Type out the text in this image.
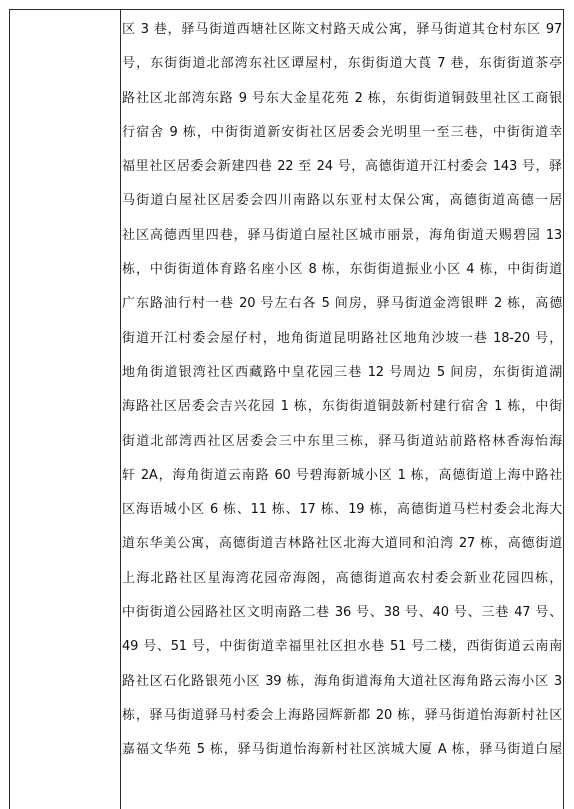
区 3 巷，驿马街道西塘社区陈文村路天成公寓，驿马街道其仓村东区 97
号，东街街道北部湾东社区谭屋村，东街街道大莨 7 巷，东街街道茶亭
路社区北部湾东路 9 号东大金星花苑 2 栋，东街街道铜鼓里社区工商银
行宿舍 9 栋，中街街道新安街社区居委会光明里一至三巷，中街街道幸
福里社区居委会新建四巷 22 至 24 号，高德街道开江村委会 143 号，驿
马街道白屋社区居委会四川南路以东亚村太保公寓，高德街道高德一居
社区高德西里四巷，驿马街道白屋社区城市丽景，海角街道天赐碧园 13
栋，中街街道体育路名座小区 8 栋，东街街道振业小区 4 栋，中街街道
广东路油行村一巷 20 号左右各 5 间房，驿马街道金湾银畔 2 栋，高德
街道开江村委会屋仔村，地角街道昆明路社区地角沙坡一巷 18-20 号，
地角街道银湾社区西藏路中皇花园三巷 12 号周边 5 间房，东街街道湖
海路社区居委会吉兴花园 1 栋，东街街道铜鼓新村建行宿舍 1 栋，中街
街道北部湾西社区居委会三中东里三栋，驿马街道站前路格林香海怡海
轩 2A，海角街道云南路 60 号碧海新城小区 1 栋，高德街道上海中路社
区海语城小区 6 栋、11 栋、17 栋、19 栋，高德街道马栏村委会北海大
道东华美公寓，高德街道吉林路社区北海大道同和泊湾 27 栋，高德街道
上海北路社区星海湾花园帝海阁，高德街道高农村委会新业花园四栋，
中街街道公园路社区文明南路二巷 36 号、38 号、40 号、三巷 47 号、
49 号、51 号，中街街道幸福里社区担水巷 51 号二楼，西街街道云南南
路社区石化路银苑小区 39 栋，海角街道海角大道社区海角路云海小区 3
栋，驿马街道驿马村委会上海路园辉新都 20 栋，驿马街道怡海新村社区
嘉福文华苑 5 栋，驿马街道怡海新村社区滨城大厦 A 栋，驿马街道白屋
